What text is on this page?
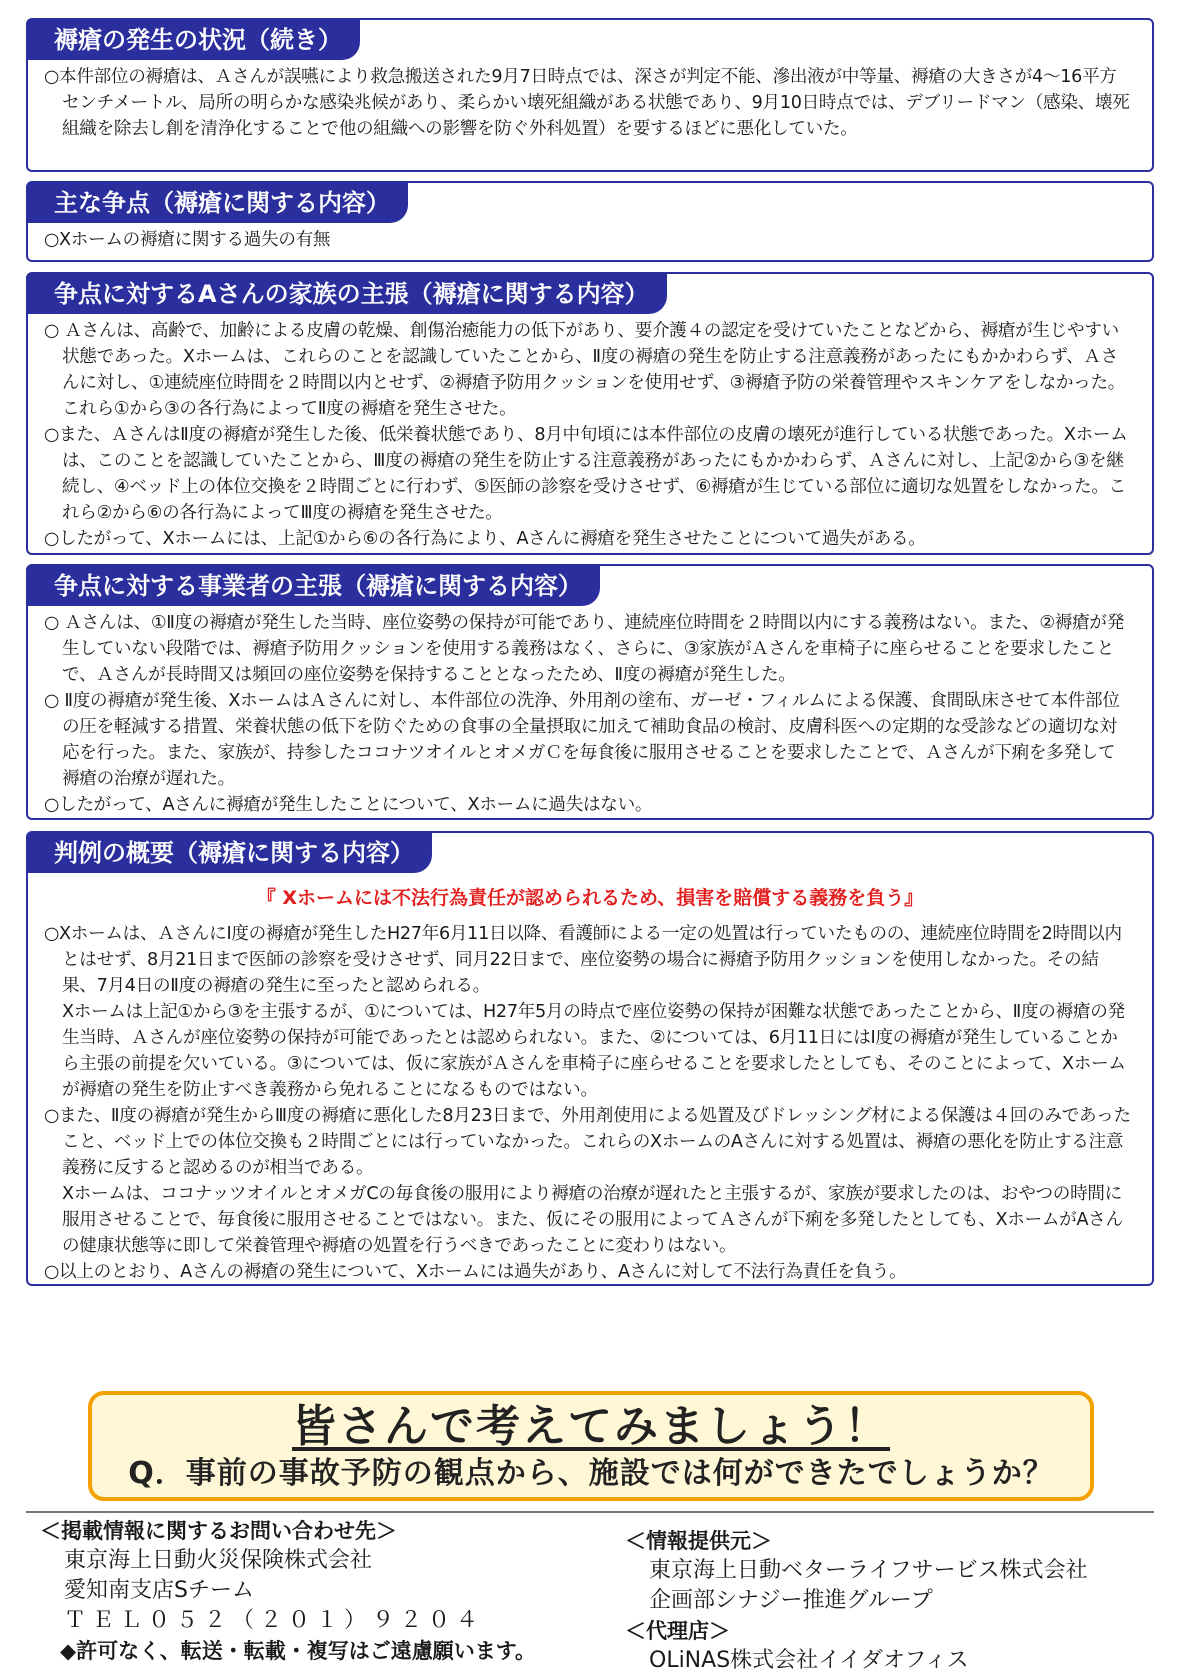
褥瘡の発生の状況（続き）

○本件部位の褥瘡は、Ａさんが誤嚥により救急搬送された9月7日時点では、深さが判定不能、滲出液が中等量、褥瘡の大きさが4～16平方センチメートル、局所の明らかな感染兆候があり、柔らかい壊死組織がある状態であり、9月10日時点では、デブリードマン（感染、壊死組織を除去し創を清浄化することで他の組織への影響を防ぐ外科処置）を要するほどに悪化していた。

主な争点（褥瘡に関する内容）

○Xホームの褥瘡に関する過失の有無

争点に対するAさんの家族の主張（褥瘡に関する内容）

○ Ａさんは、高齢で、加齢による皮膚の乾燥、創傷治癒能力の低下があり、要介護４の認定を受けていたことなどから、褥瘡が生じやすい状態であった。Xホームは、これらのことを認識していたことから、Ⅱ度の褥瘡の発生を防止する注意義務があったにもかかわらず、Ａさんに対し、①連続座位時間を２時間以内とせず、②褥瘡予防用クッションを使用せず、③褥瘡予防の栄養管理やスキンケアをしなかった。これら①から③の各行為によってⅡ度の褥瘡を発生させた。

○また、ＡさんはⅡ度の褥瘡が発生した後、低栄養状態であり、8月中旬頃には本件部位の皮膚の壊死が進行している状態であった。Xホームは、このことを認識していたことから、Ⅲ度の褥瘡の発生を防止する注意義務があったにもかかわらず、Ａさんに対し、上記②から③を継続し、④ベッド上の体位交換を２時間ごとに行わず、⑤医師の診察を受けさせず、⑥褥瘡が生じている部位に適切な処置をしなかった。これら②から⑥の各行為によってⅢ度の褥瘡を発生させた。

○したがって、Xホームには、上記①から⑥の各行為により、Aさんに褥瘡を発生させたことについて過失がある。

争点に対する事業者の主張（褥瘡に関する内容）

○ Ａさんは、①Ⅱ度の褥瘡が発生した当時、座位姿勢の保持が可能であり、連続座位時間を２時間以内にする義務はない。また、②褥瘡が発生していない段階では、褥瘡予防用クッションを使用する義務はなく、さらに、③家族がＡさんを車椅子に座らせることを要求したことで、Ａさんが長時間又は頻回の座位姿勢を保持することとなったため、Ⅱ度の褥瘡が発生した。

○ Ⅱ度の褥瘡が発生後、XホームはＡさんに対し、本件部位の洗浄、外用剤の塗布、ガーゼ・フィルムによる保護、食間臥床させて本件部位の圧を軽減する措置、栄養状態の低下を防ぐための食事の全量摂取に加えて補助食品の検討、皮膚科医への定期的な受診などの適切な対応を行った。また、家族が、持参したココナツオイルとオメガＣを毎食後に服用させることを要求したことで、Ａさんが下痢を多発して褥瘡の治療が遅れた。

○したがって、Aさんに褥瘡が発生したことについて、Xホームに過失はない。

判例の概要（褥瘡に関する内容）
『 Xホームには不法行為責任が認められるため、損害を賠償する義務を負う』

○Xホームは、ＡさんにⅠ度の褥瘡が発生したH27年6月11日以降、看護師による一定の処置は行っていたものの、連続座位時間を2時間以内とはせず、8月21日まで医師の診察を受けさせず、同月22日まで、座位姿勢の場合に褥瘡予防用クッションを使用しなかった。その結果、7月4日のⅡ度の褥瘡の発生に至ったと認められる。

Xホームは上記①から③を主張するが、①については、H27年5月の時点で座位姿勢の保持が困難な状態であったことから、Ⅱ度の褥瘡の発生当時、Ａさんが座位姿勢の保持が可能であったとは認められない。また、②については、6月11日にはⅠ度の褥瘡が発生していることから主張の前提を欠いている。③については、仮に家族がＡさんを車椅子に座らせることを要求したとしても、そのことによって、Xホームが褥瘡の発生を防止すべき義務から免れることになるものではない。

○また、Ⅱ度の褥瘡が発生からⅢ度の褥瘡に悪化した8月23日まで、外用剤使用による処置及びドレッシング材による保護は４回のみであったこと、ベッド上での体位交換も２時間ごとには行っていなかった。これらのXホームのAさんに対する処置は、褥瘡の悪化を防止する注意義務に反すると認めるのが相当である。

Xホームは、ココナッツオイルとオメガCの毎食後の服用により褥瘡の治療が遅れたと主張するが、家族が要求したのは、おやつの時間に服用させることで、毎食後に服用させることではない。また、仮にその服用によってＡさんが下痢を多発したとしても、XホームがAさんの健康状態等に即して栄養管理や褥瘡の処置を行うべきであったことに変わりはない。

○以上のとおり、Aさんの褥瘡の発生について、Xホームには過失があり、Aさんに対して不法行為責任を負う。

皆さんで考えてみましょう！
Q．事前の事故予防の観点から、施設では何ができたでしょうか？
＜掲載情報に関するお問い合わせ先＞
東京海上日動火災保険株式会社
愛知南支店Sチーム
ＴＥＬ０５２（２０１）９２０４
◆許可なく、転送・転載・複写はご遠慮願います。
＜情報提供元＞
東京海上日動ベターライフサービス株式会社
企画部シナジー推進グループ
＜代理店＞
OLiNAS株式会社イイダオフィス
